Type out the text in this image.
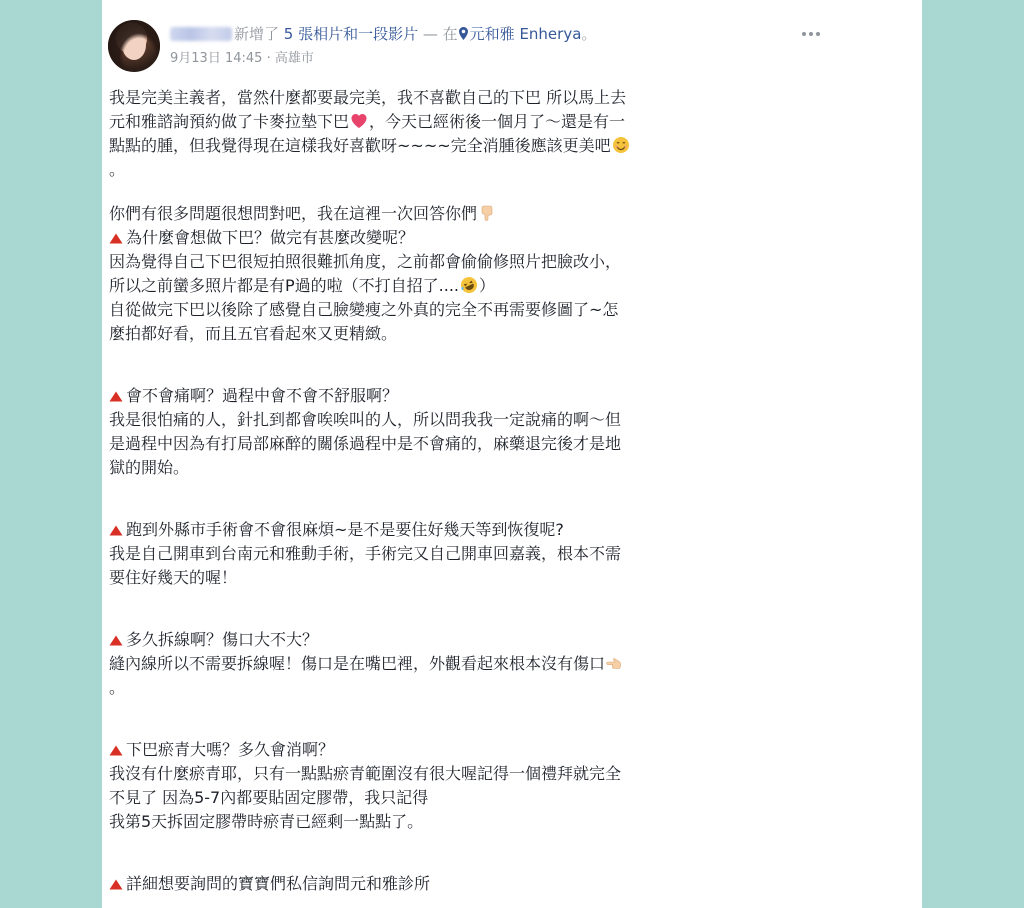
新增了 5 張相片和一段影片 — 在 元和雅 Enherya。
9月13日 14:45 · 高雄市

我是完美主義者，當然什麼都要最完美，我不喜歡自己的下巴 所以馬上去

元和雅諮詢預約做了卡麥拉墊下巴 ，今天已經術後一個月了～還是有一

點點的腫，但我覺得現在這樣我好喜歡呀~~~~完全消腫後應該更美吧

。

你們有很多問題很想問對吧，我在這裡一次回答你們

為什麼會想做下巴？做完有甚麼改變呢？

因為覺得自己下巴很短拍照很難抓角度，之前都會偷偷修照片把臉改小，

所以之前蠻多照片都是有P過的啦（不打自招了.... ）

自從做完下巴以後除了感覺自己臉變瘦之外真的完全不再需要修圖了~怎

麼拍都好看，而且五官看起來又更精緻。

會不會痛啊？過程中會不會不舒服啊？

我是很怕痛的人，針扎到都會唉唉叫的人，所以問我我一定說痛的啊～但

是過程中因為有打局部麻醉的關係過程中是不會痛的，麻藥退完後才是地

獄的開始。

跑到外縣市手術會不會很麻煩~是不是要住好幾天等到恢復呢?

我是自己開車到台南元和雅動手術，手術完又自己開車回嘉義，根本不需

要住好幾天的喔！

多久拆線啊？傷口大不大？

縫內線所以不需要拆線喔！傷口是在嘴巴裡，外觀看起來根本沒有傷口

。

下巴瘀青大嗎？多久會消啊？

我沒有什麼瘀青耶，只有一點點瘀青範圍沒有很大喔記得一個禮拜就完全

不見了 因為5-7內都要貼固定膠帶，我只記得

我第5天拆固定膠帶時瘀青已經剩一點點了。

詳細想要詢問的寶寶們私信詢問元和雅診所
